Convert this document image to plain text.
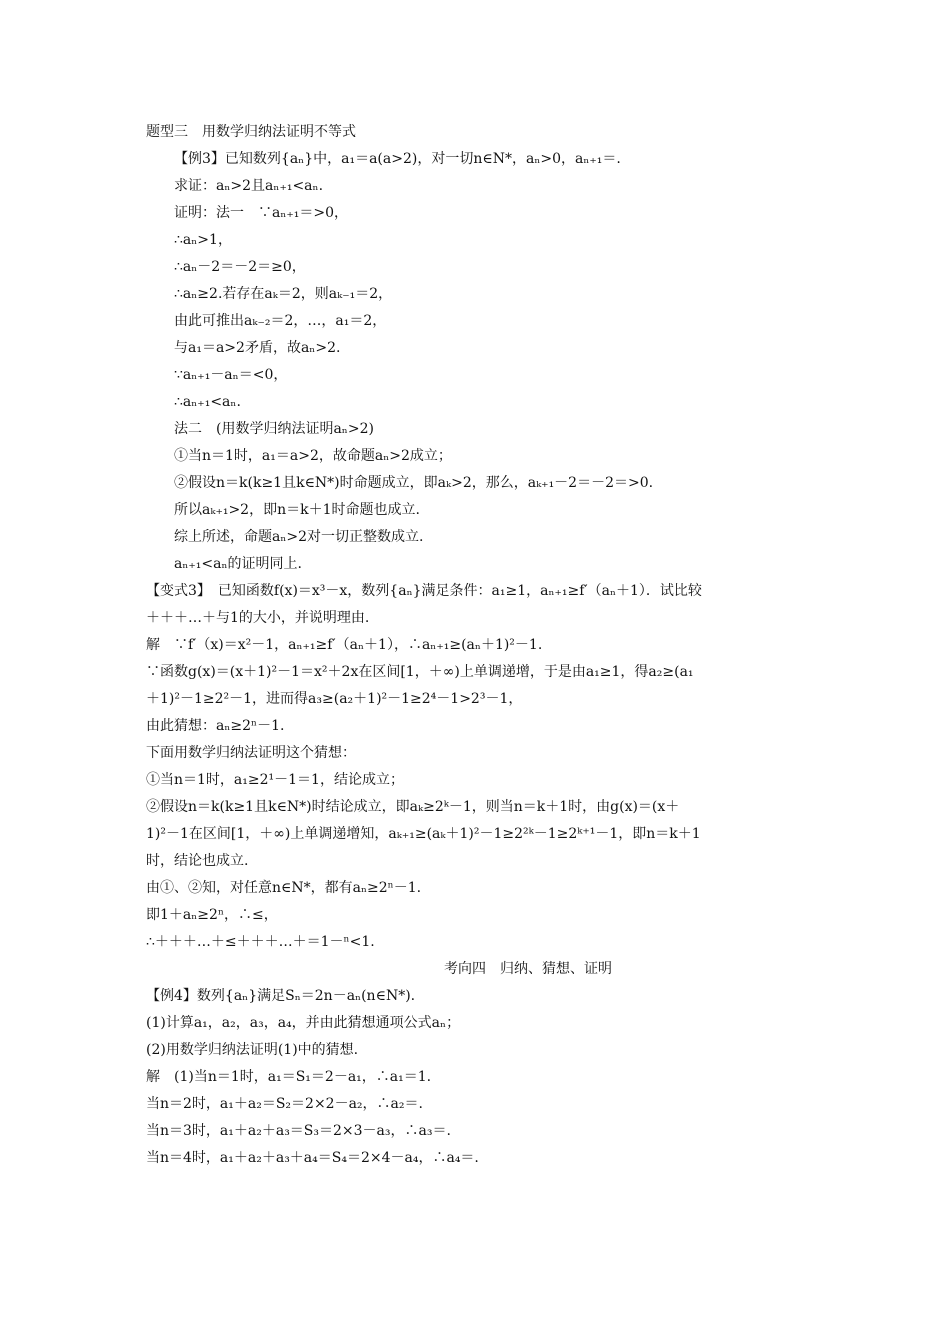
题型三　用数学归纳法证明不等式
【例3】已知数列{aₙ}中，a₁＝a(a>2)，对一切n∈N*，aₙ>0，aₙ₊₁＝.
求证：aₙ>2且aₙ₊₁<aₙ.
证明：法一　∵aₙ₊₁＝>0，
∴aₙ>1，
∴aₙ－2＝－2＝≥0，
∴aₙ≥2.若存在aₖ＝2，则aₖ₋₁＝2，
由此可推出aₖ₋₂＝2，…，a₁＝2，
与a₁＝a>2矛盾，故aₙ>2.
∵aₙ₊₁－aₙ＝<0，
∴aₙ₊₁<aₙ.
法二　(用数学归纳法证明aₙ>2)
①当n＝1时，a₁＝a>2，故命题aₙ>2成立；
②假设n＝k(k≥1且k∈N*)时命题成立，即aₖ>2，那么，aₖ₊₁－2＝－2＝>0.
所以aₖ₊₁>2，即n＝k＋1时命题也成立.
综上所述，命题aₙ>2对一切正整数成立.
aₙ₊₁<aₙ的证明同上.
【变式3】　已知函数f(x)＝x³－x，数列{aₙ}满足条件：a₁≥1，aₙ₊₁≥f′（aₙ＋1）．试比较
＋＋＋…＋与1的大小，并说明理由.
解　∵f′（x)＝x²－1，aₙ₊₁≥f′（aₙ＋1），∴aₙ₊₁≥(aₙ＋1)²－1.
∵函数g(x)＝(x＋1)²－1＝x²＋2x在区间[1，＋∞)上单调递增，于是由a₁≥1，得a₂≥(a₁
＋1)²－1≥2²－1，进而得a₃≥(a₂＋1)²－1≥2⁴－1>2³－1，
由此猜想：aₙ≥2ⁿ－1.
下面用数学归纳法证明这个猜想：
①当n＝1时，a₁≥2¹－1＝1，结论成立；
②假设n＝k(k≥1且k∈N*)时结论成立，即aₖ≥2ᵏ－1，则当n＝k＋1时，由g(x)＝(x＋
1)²－1在区间[1，＋∞)上单调递增知，aₖ₊₁≥(aₖ＋1)²－1≥2²ᵏ－1≥2ᵏ⁺¹－1，即n＝k＋1
时，结论也成立.
由①、②知，对任意n∈N*，都有aₙ≥2ⁿ－1.
即1＋aₙ≥2ⁿ，∴≤，
∴＋＋＋…＋≤＋＋＋…＋＝1－ⁿ<1.
考向四　归纳、猜想、证明
【例4】数列{aₙ}满足Sₙ＝2n－aₙ(n∈N*).
(1)计算a₁，a₂，a₃，a₄，并由此猜想通项公式aₙ；
(2)用数学归纳法证明(1)中的猜想.
解　(1)当n＝1时，a₁＝S₁＝2－a₁，∴a₁＝1.
当n＝2时，a₁＋a₂＝S₂＝2×2－a₂，∴a₂＝.
当n＝3时，a₁＋a₂＋a₃＝S₃＝2×3－a₃，∴a₃＝.
当n＝4时，a₁＋a₂＋a₃＋a₄＝S₄＝2×4－a₄，∴a₄＝.
